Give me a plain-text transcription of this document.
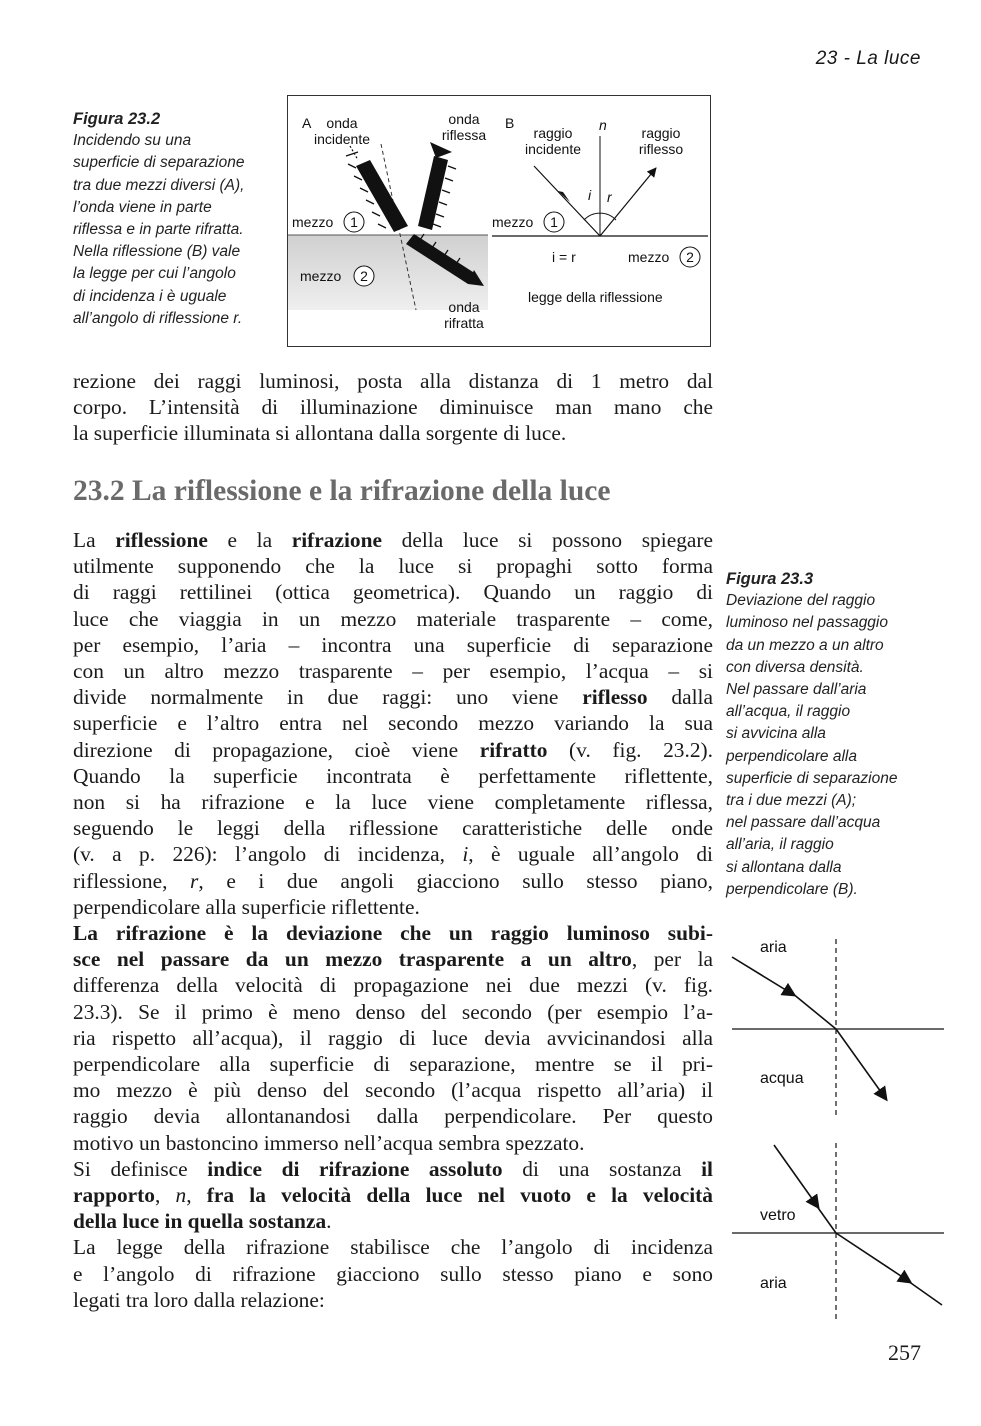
23 - La luce
Figura 23.2
Incidendo su una
superficie di separazione
tra due mezzi diversi (A),
l’onda viene in parte
riflessa e in parte rifratta.
Nella riflessione (B) vale
la legge per cui l’angolo
di incidenza i è uguale
all’angolo di riflessione r.
A onda
incidente
onda
riflessa
mezzo 1
mezzo 2
onda
rifratta
B	n
raggio
incidente
raggio
riflesso
i r
mezzo 1
i = r	mezzo 2
legge della riflessione
rezione dei raggi luminosi, posta alla distanza di 1 metro dal
corpo. L’intensità di illuminazione diminuisce man mano che
la superficie illuminata si allontana dalla sorgente di luce.
23.2 La riflessione e la rifrazione della luce
La riflessione e la rifrazione della luce si possono spiegare
utilmente supponendo che la luce si propaghi sotto forma
di raggi rettilinei (ottica geometrica). Quando un raggio di
luce che viaggia in un mezzo materiale trasparente – come,
per esempio, l’aria – incontra una superficie di separazione
con un altro mezzo trasparente – per esempio, l’acqua – si
divide normalmente in due raggi: uno viene riflesso dalla
superficie e l’altro entra nel secondo mezzo variando la sua
direzione di propagazione, cioè viene rifratto (v. fig. 23.2).
Quando la superficie incontrata è perfettamente riflettente,
non si ha rifrazione e la luce viene completamente riflessa,
seguendo le leggi della riflessione caratteristiche delle onde
(v. a p. 226): l’angolo di incidenza, i, è uguale all’angolo di
riflessione, r, e i due angoli giacciono sullo stesso piano,
perpendicolare alla superficie riflettente.
La rifrazione è la deviazione che un raggio luminoso subi-
sce nel passare da un mezzo trasparente a un altro, per la
differenza della velocità di propagazione nei due mezzi (v. fig.
23.3). Se il primo è meno denso del secondo (per esempio l’a-
ria rispetto all’acqua), il raggio di luce devia avvicinandosi alla
perpendicolare alla superficie di separazione, mentre se il pri-
mo mezzo è più denso del secondo (l’acqua rispetto all’aria) il
raggio devia allontanandosi dalla perpendicolare. Per questo
motivo un bastoncino immerso nell’acqua sembra spezzato.
Si definisce indice di rifrazione assoluto di una sostanza il
rapporto, n, fra la velocità della luce nel vuoto e la velocità
della luce in quella sostanza.
La legge della rifrazione stabilisce che l’angolo di incidenza
e l’angolo di rifrazione giacciono sullo stesso piano e sono
legati tra loro dalla relazione:
Figura 23.3
Deviazione del raggio
luminoso nel passaggio
da un mezzo a un altro
con diversa densità.
Nel passare dall’aria
all’acqua, il raggio
si avvicina alla
perpendicolare alla
superficie di separazione
tra i due mezzi (A);
nel passare dall’acqua
all’aria, il raggio
si allontana dalla
perpendicolare (B).
aria
acqua
vetro
aria
257
